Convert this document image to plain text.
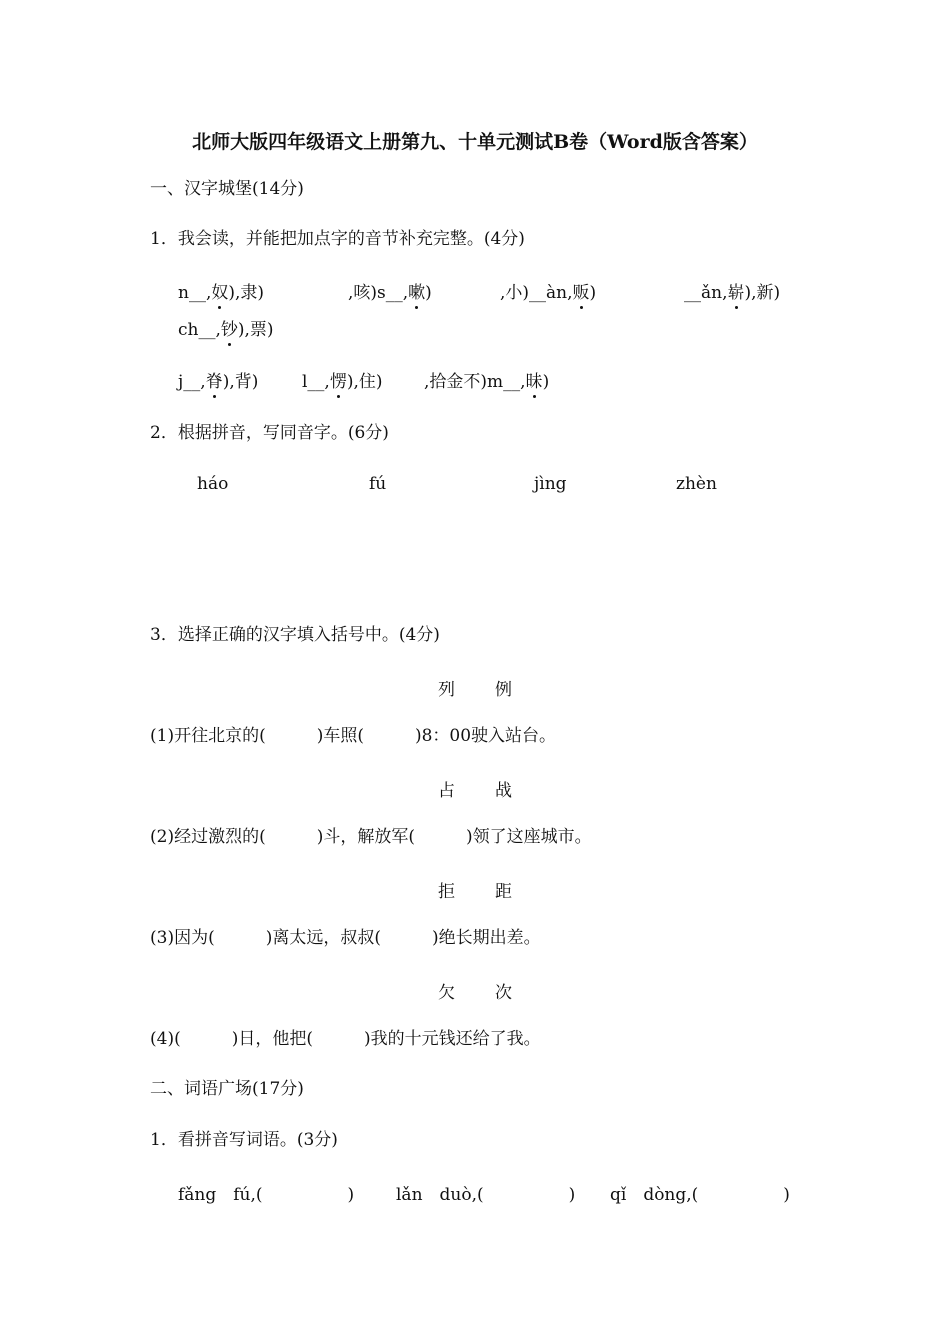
北师大版四年级语文上册第九、十单元测试B卷（Word版含答案）
一、汉字城堡(14分)
1．我会读，并能把加点字的音节补充完整。(4分)
n__,奴),隶)	,咳)s__,嗽)	,小)__àn,贩)	__ǎn,崭),新)
ch__,钞),票)
j__,脊),背)	l__,愣),住) ,拾金不)m__,昧)
2．根据拼音，写同音字。(6分)
háo	fú	jìng	zhèn
3．选择正确的汉字填入括号中。(4分)
列 例
(1)开往北京的(　　　)车照(　　　)8：00驶入站台。
占 战
(2)经过激烈的(　　　)斗，解放军(　　　)领了这座城市。
拒 距
(3)因为(　　　)离太远，叔叔(　　　)绝长期出差。
欠 次
(4)(　　　)日，他把(　　　)我的十元钱还给了我。
二、词语广场(17分)
1．看拼音写词语。(3分)
fǎng　fú,(　　　　　) lǎn　duò,(　　　　　) qǐ　dòng,(　　　　　)
